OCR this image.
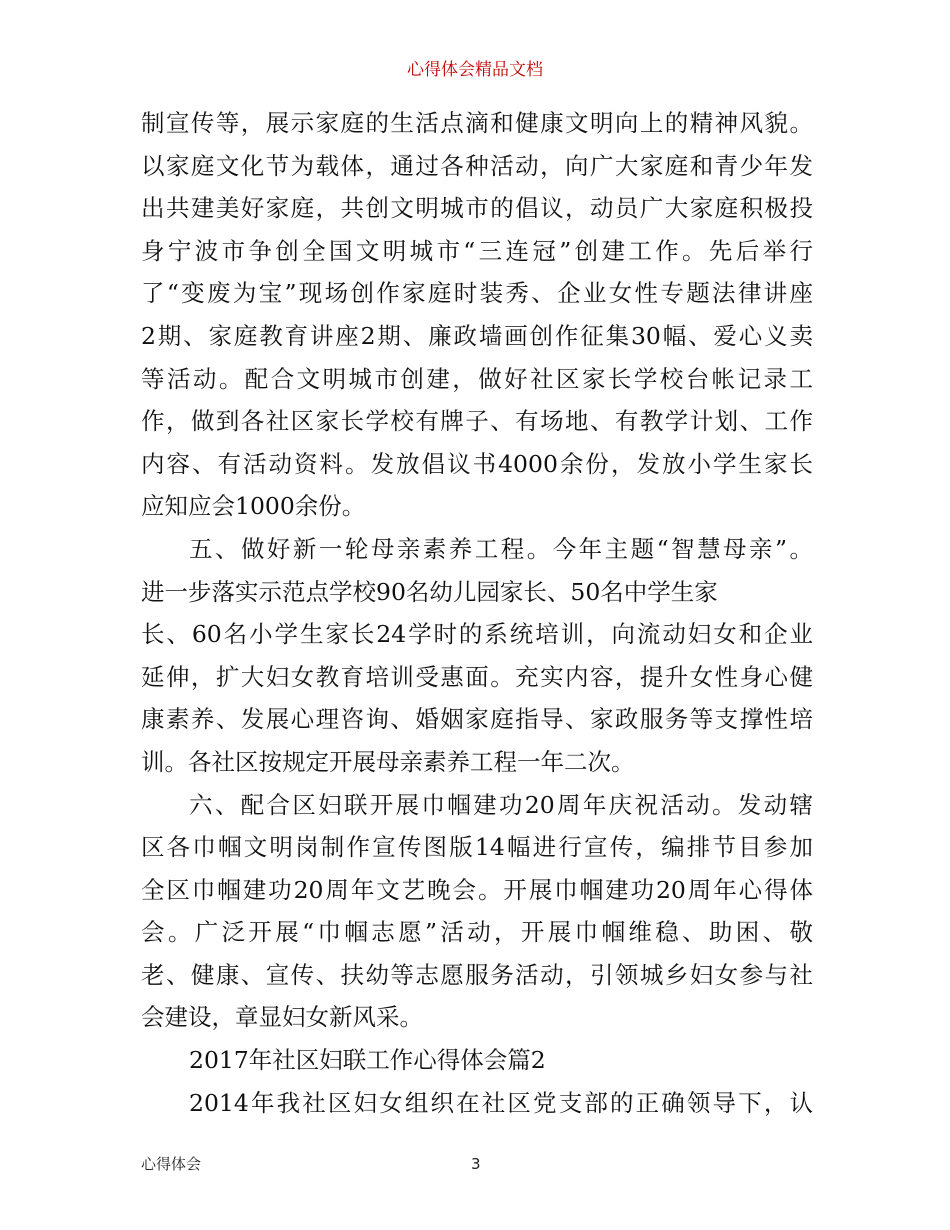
心得体会精品文档
制宣传等，展示家庭的生活点滴和健康文明向上的精神风貌。
以家庭文化节为载体，通过各种活动，向广大家庭和青少年发
出共建美好家庭，共创文明城市的倡议，动员广大家庭积极投
身宁波市争创全国文明城市“三连冠”创建工作。先后举行
了“变废为宝”现场创作家庭时装秀、企业女性专题法律讲座
2期、家庭教育讲座2期、廉政墙画创作征集30幅、爱心义卖
等活动。配合文明城市创建，做好社区家长学校台帐记录工
作，做到各社区家长学校有牌子、有场地、有教学计划、工作
内容、有活动资料。发放倡议书4000余份，发放小学生家长
应知应会1000余份。
五、做好新一轮母亲素养工程。今年主题“智慧母亲”。
进一步落实示范点学校90名幼儿园家长、50名中学生家
长、60名小学生家长24学时的系统培训，向流动妇女和企业
延伸，扩大妇女教育培训受惠面。充实内容，提升女性身心健
康素养、发展心理咨询、婚姻家庭指导、家政服务等支撑性培
训。各社区按规定开展母亲素养工程一年二次。
六、配合区妇联开展巾帼建功20周年庆祝活动。发动辖
区各巾帼文明岗制作宣传图版14幅进行宣传，编排节目参加
全区巾帼建功20周年文艺晚会。开展巾帼建功20周年心得体
会。广泛开展“巾帼志愿”活动，开展巾帼维稳、助困、敬
老、健康、宣传、扶幼等志愿服务活动，引领城乡妇女参与社
会建设，章显妇女新风采。
2017年社区妇联工作心得体会篇2
2014年我社区妇女组织在社区党支部的正确领导下，认
心得体会	3
